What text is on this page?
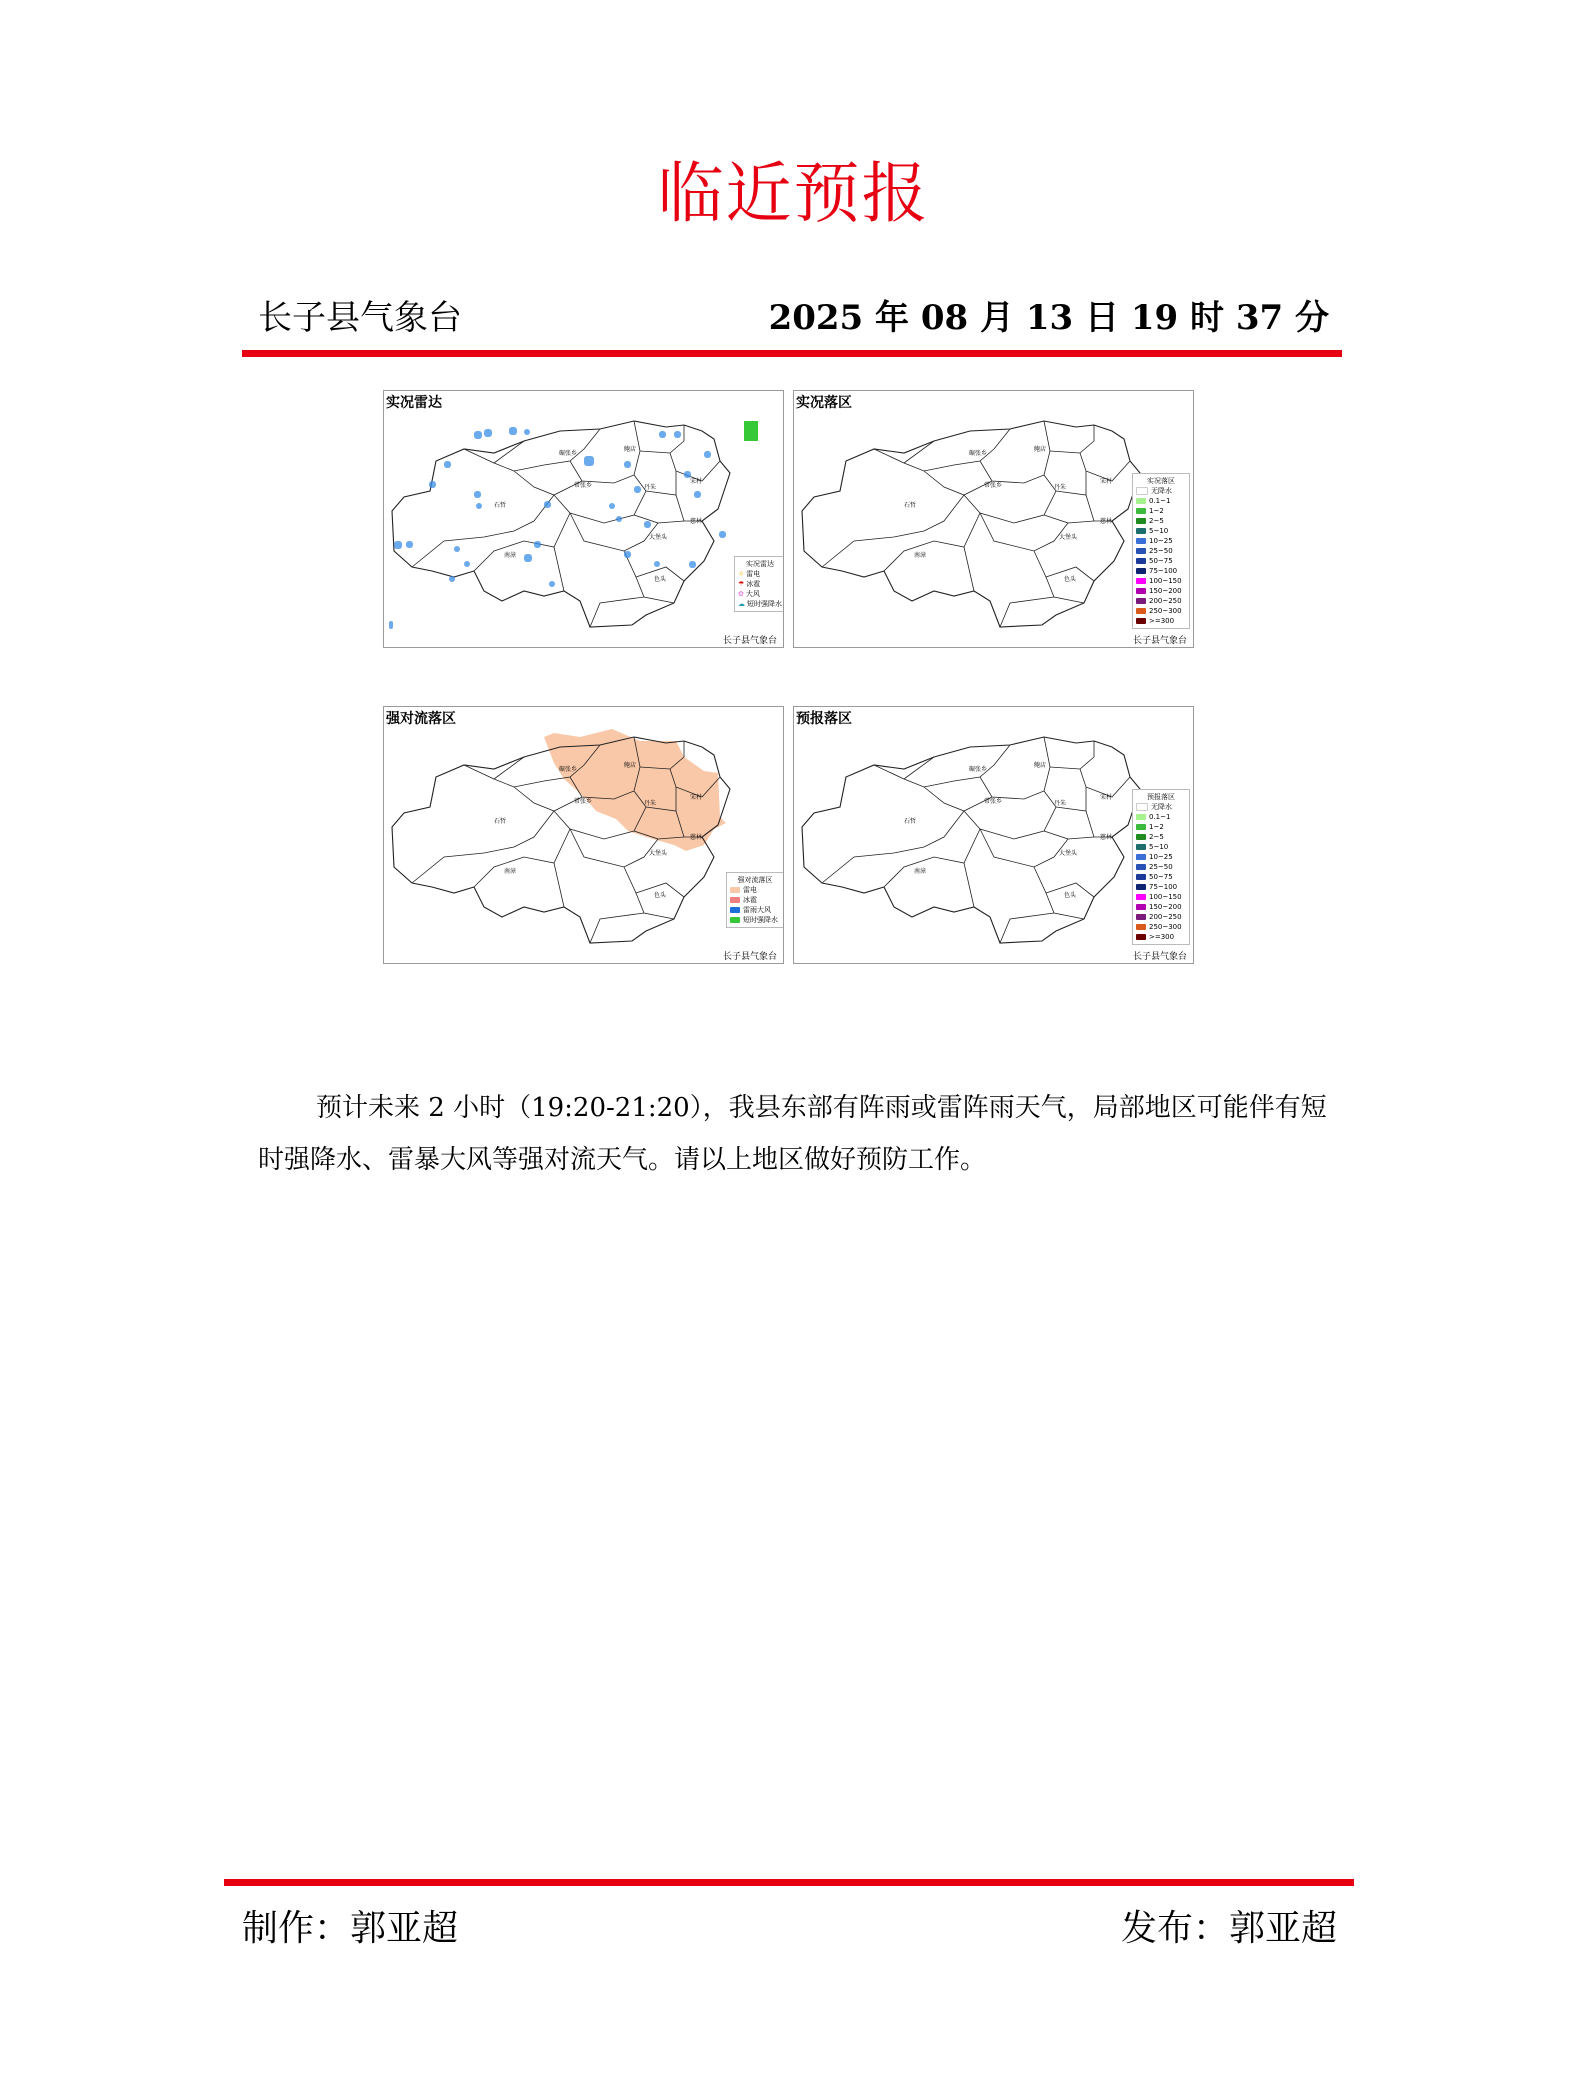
临近预报
长子县气象台	2025 年 08 月 13 日 19 时 37 分
碾张乡
鲍店
常张乡	丹朱
宋村
石哲
南漳
大堡头
慈林
色头
实况雷达
实况雷达
☼ 雷电
☂ 冰雹
✿ 大风
☁ 短时强降水
长子县气象台
碾张乡
鲍店
常张乡	丹朱
宋村
石哲
南漳
大堡头
慈林
色头
实况落区
实况落区
无降水
0.1~1
1~2
2~5
5~10
10~25
25~50
50~75
75~100
100~150
150~200
200~250
250~300
>=300
长子县气象台
碾张乡
鲍店
常张乡	丹朱
宋村
石哲
南漳
大堡头
慈林
色头
强对流落区
强对流落区
雷电
冰雹
雷雨大风
短时强降水
长子县气象台
碾张乡
鲍店
常张乡	丹朱
宋村
石哲
南漳
大堡头
慈林
色头
预报落区
预报落区
无降水
0.1~1
1~2
2~5
5~10
10~25
25~50
50~75
75~100
100~150
150~200
200~250
250~300
>=300
长子县气象台
预计未来 2 小时（19:20-21:20），我县东部有阵雨或雷阵雨天气，局部地区可能伴有短时强降水、雷暴大风等强对流天气。请以上地区做好预防工作。
制作：郭亚超	发布：郭亚超
